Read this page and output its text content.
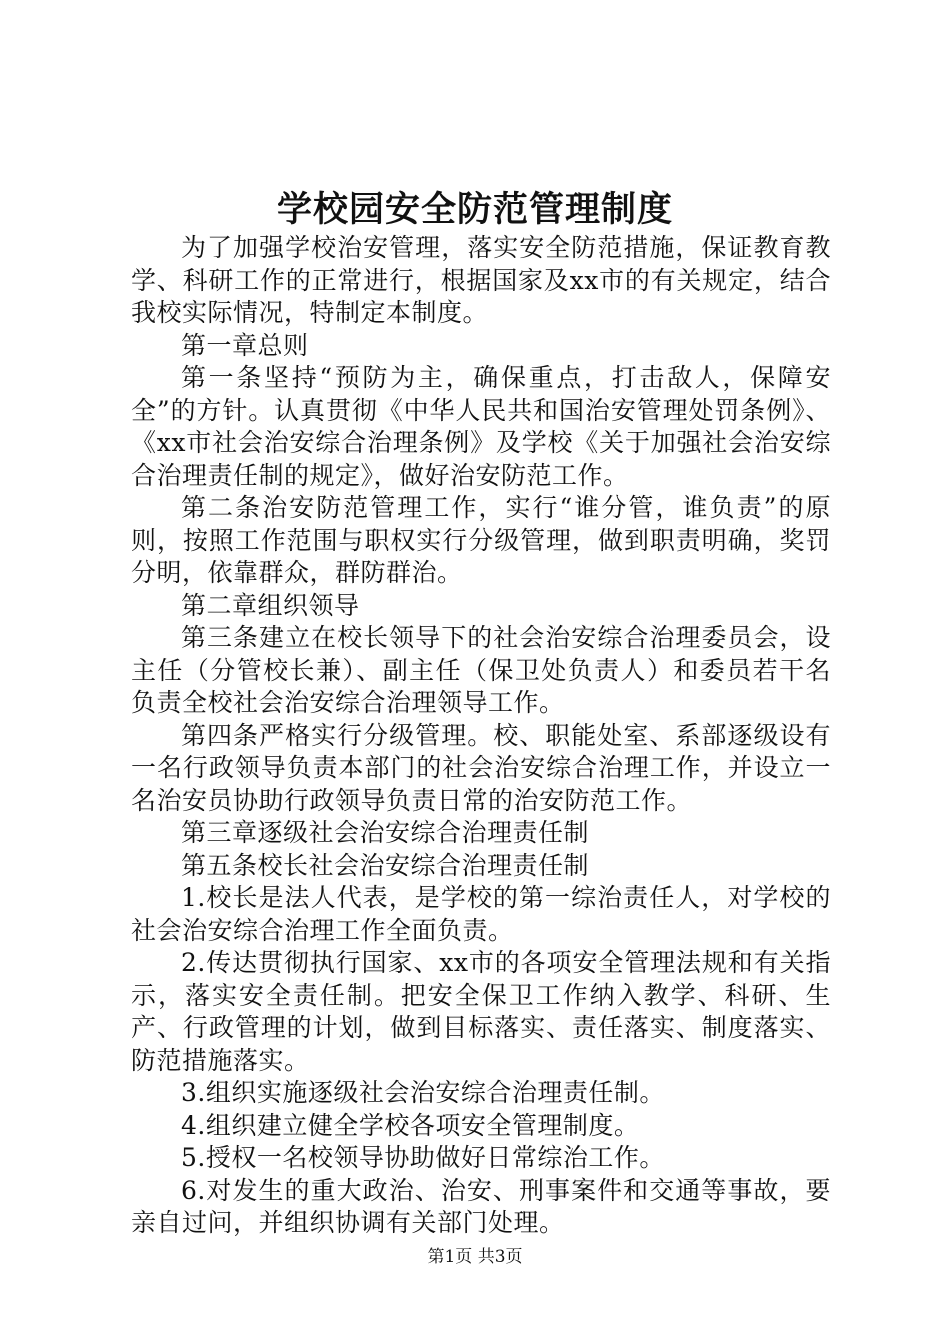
学校园安全防范管理制度

为了加强学校治安管理，落实安全防范措施，保证教育教学、科研工作的正常进行，根据国家及xx市的有关规定，结合我校实际情况，特制定本制度。

第一章总则

第一条坚持“预防为主，确保重点，打击敌人，保障安全”的方针。认真贯彻《中华人民共和国治安管理处罚条例》、《xx市社会治安综合治理条例》及学校《关于加强社会治安综合治理责任制的规定》，做好治安防范工作。

第二条治安防范管理工作，实行“谁分管，谁负责”的原则，按照工作范围与职权实行分级管理，做到职责明确，奖罚分明，依靠群众，群防群治。

第二章组织领导

第三条建立在校长领导下的社会治安综合治理委员会，设主任（分管校长兼）、副主任（保卫处负责人）和委员若干名负责全校社会治安综合治理领导工作。

第四条严格实行分级管理。校、职能处室、系部逐级设有一名行政领导负责本部门的社会治安综合治理工作，并设立一名治安员协助行政领导负责日常的治安防范工作。

第三章逐级社会治安综合治理责任制

第五条校长社会治安综合治理责任制

1.校长是法人代表，是学校的第一综治责任人，对学校的社会治安综合治理工作全面负责。

2.传达贯彻执行国家、xx市的各项安全管理法规和有关指示，落实安全责任制。把安全保卫工作纳入教学、科研、生产、行政管理的计划，做到目标落实、责任落实、制度落实、防范措施落实。

3.组织实施逐级社会治安综合治理责任制。

4.组织建立健全学校各项安全管理制度。

5.授权一名校领导协助做好日常综治工作。

6.对发生的重大政治、治安、刑事案件和交通等事故，要亲自过问，并组织协调有关部门处理。

第1页 共3页
